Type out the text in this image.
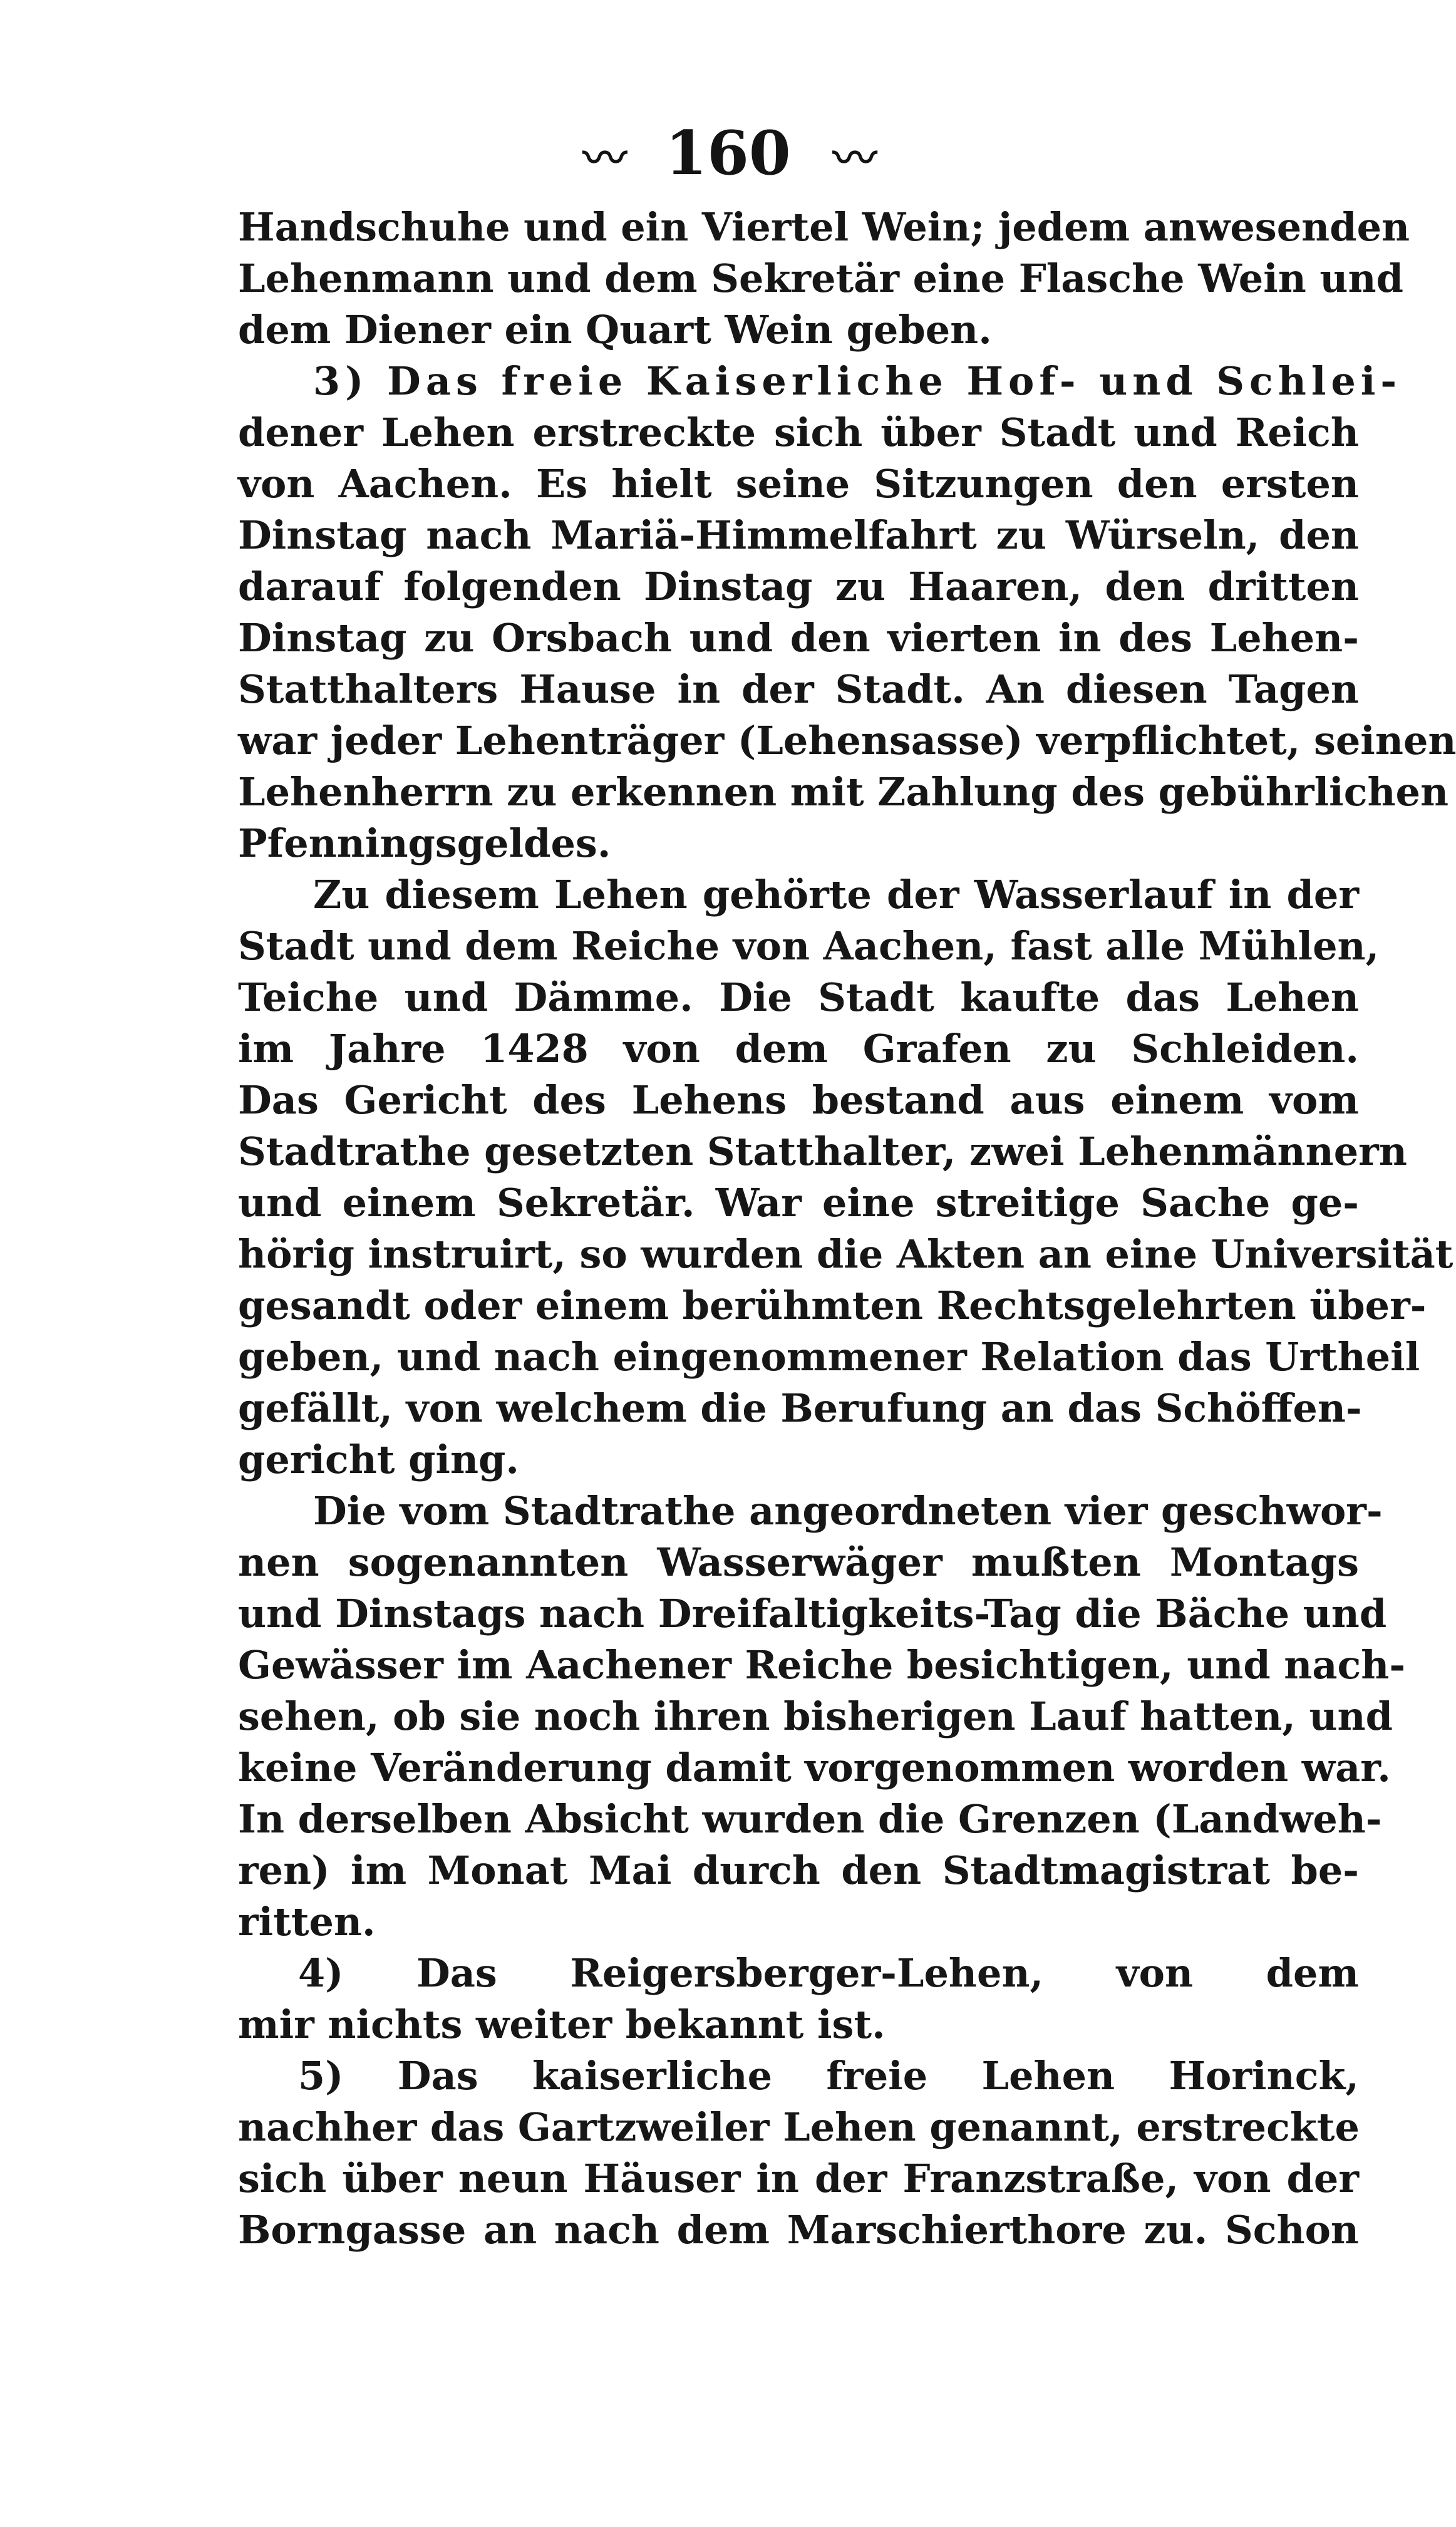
〰 160 〰
Handschuhe und ein Viertel Wein; jedem anwesenden
Lehenmann und dem Sekretär eine Flasche Wein und
dem Diener ein Quart Wein geben.
3) Das freie Kaiserliche Hof- und Schlei-
dener Lehen erstreckte sich über Stadt und Reich
von Aachen. Es hielt seine Sitzungen den ersten
Dinstag nach Mariä-Himmelfahrt zu Würseln, den
darauf folgenden Dinstag zu Haaren, den dritten
Dinstag zu Orsbach und den vierten in des Lehen-
Statthalters Hause in der Stadt. An diesen Tagen
war jeder Lehenträger (Lehensasse) verpflichtet, seinen
Lehenherrn zu erkennen mit Zahlung des gebührlichen
Pfenningsgeldes.
Zu diesem Lehen gehörte der Wasserlauf in der
Stadt und dem Reiche von Aachen, fast alle Mühlen,
Teiche und Dämme. Die Stadt kaufte das Lehen
im Jahre 1428 von dem Grafen zu Schleiden.
Das Gericht des Lehens bestand aus einem vom
Stadtrathe gesetzten Statthalter, zwei Lehenmännern
und einem Sekretär. War eine streitige Sache ge-
hörig instruirt, so wurden die Akten an eine Universität
gesandt oder einem berühmten Rechtsgelehrten über-
geben, und nach eingenommener Relation das Urtheil
gefällt, von welchem die Berufung an das Schöffen-
gericht ging.
Die vom Stadtrathe angeordneten vier geschwor-
nen sogenannten Wasserwäger mußten Montags
und Dinstags nach Dreifaltigkeits-Tag die Bäche und
Gewässer im Aachener Reiche besichtigen, und nach-
sehen, ob sie noch ihren bisherigen Lauf hatten, und
keine Veränderung damit vorgenommen worden war.
In derselben Absicht wurden die Grenzen (Landweh-
ren) im Monat Mai durch den Stadtmagistrat be-
ritten.
4) Das Reigersberger-Lehen, von dem
mir nichts weiter bekannt ist.
5) Das kaiserliche freie Lehen Horinck,
nachher das Gartzweiler Lehen genannt, erstreckte
sich über neun Häuser in der Franzstraße, von der
Borngasse an nach dem Marschierthore zu. Schon
